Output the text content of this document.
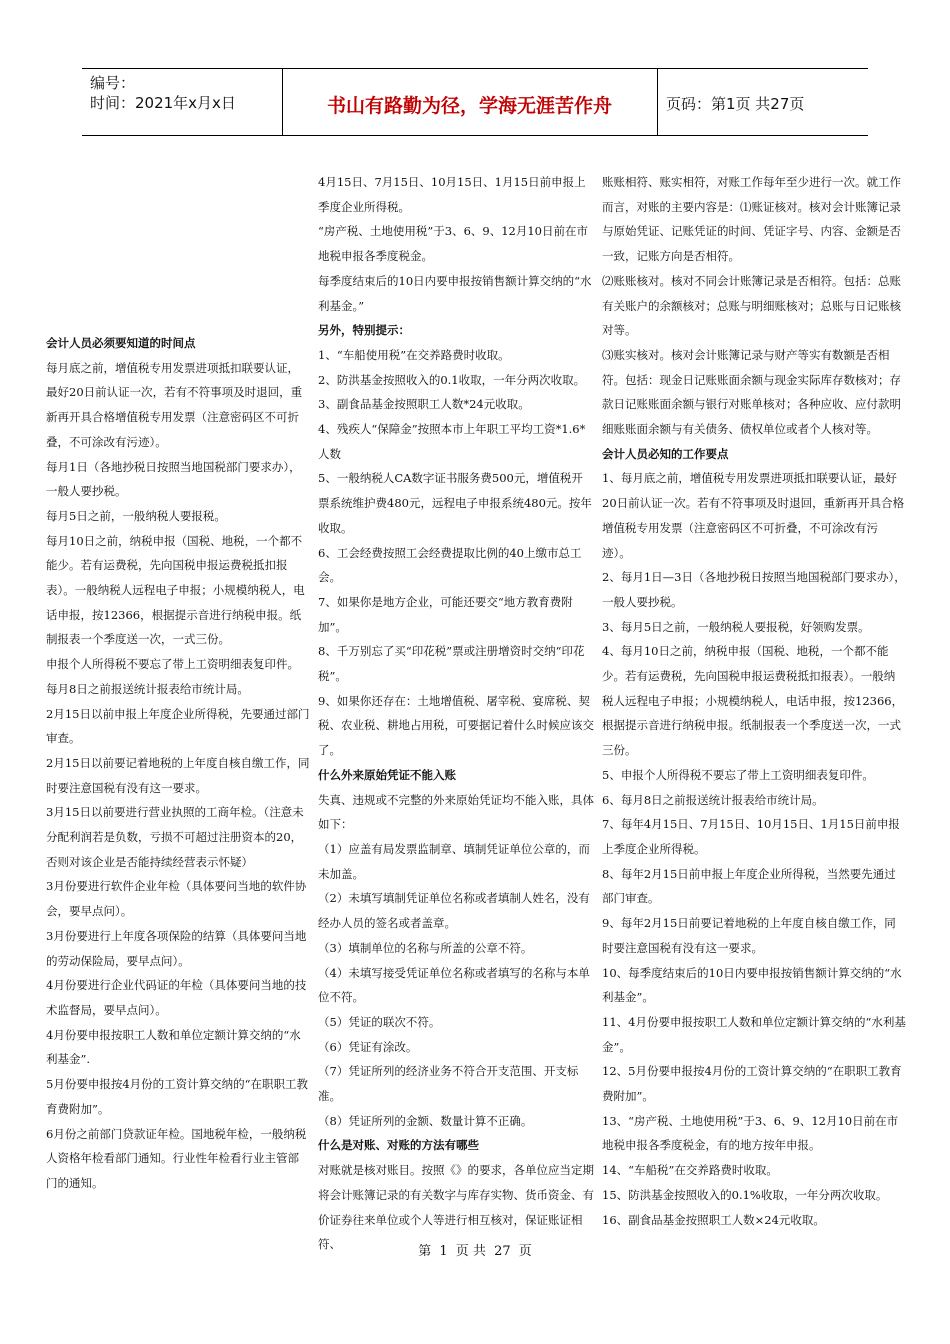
编号：
时间：2021年x月x日	书山有路勤为径，学海无涯苦作舟	页码：第1页 共27页

会计人员必须要知道的时间点

每月底之前，增值税专用发票进项抵扣联要认证，最好20日前认证一次，若有不符事项及时退回，重新再开具合格增值税专用发票（注意密码区不可折叠，不可涂改有污迹）。

每月1日（各地抄税日按照当地国税部门要求办），一般人要抄税。

每月5日之前，一般纳税人要报税。

每月10日之前，纳税申报（国税、地税，一个都不能少。若有运费税，先向国税申报运费税抵扣报表）。一般纳税人远程电子申报；小规模纳税人，电话申报，按12366，根据提示音进行纳税申报。纸制报表一个季度送一次，一式三份。

申报个人所得税不要忘了带上工资明细表复印件。

每月8日之前报送统计报表给市统计局。

2月15日以前申报上年度企业所得税，先要通过部门审查。

2月15日以前要记着地税的上年度自核自缴工作，同时要注意国税有没有这一要求。

3月15日以前要进行营业执照的工商年检。（注意未分配利润若是负数，亏损不可超过注册资本的20，否则对该企业是否能持续经营表示怀疑）

3月份要进行软件企业年检（具体要问当地的软件协会，要早点问）。

3月份要进行上年度各项保险的结算（具体要问当地的劳动保险局，要早点问）。

4月份要进行企业代码证的年检（具体要问当地的技术监督局，要早点问）。

4月份要申报按职工人数和单位定额计算交纳的“水利基金”.

5月份要申报按4月份的工资计算交纳的“在职职工教育费附加”。

6月份之前部门贷款证年检。国地税年检，一般纳税人资格年检看部门通知。行业性年检看行业主管部门的通知。

4月15日、7月15日、10月15日、1月15日前申报上季度企业所得税。

“房产税、土地使用税”于3、6、9、12月10日前在市地税申报各季度税金。

每季度结束后的10日内要申报按销售额计算交纳的“水利基金。”

另外，特别提示：

1、“车船使用税”在交养路费时收取。

2、防洪基金按照收入的0.1收取，一年分两次收取。

3、副食品基金按照职工人数*24元收取。

4、残疾人“保障金”按照本市上年职工平均工资*1.6*人数

5、一般纳税人CA数字证书服务费500元，增值税开票系统维护费480元，远程电子申报系统480元。按年收取。

6、工会经费按照工会经费提取比例的40上缴市总工会。

7、如果你是地方企业，可能还要交“地方教育费附加”。

8、千万别忘了买“印花税”票或注册增资时交纳“印花税”。

9、如果你还存在：土地增值税、屠宰税、宴席税、契税、农业税、耕地占用税，可要据记着什么时候应该交了。

什么外来原始凭证不能入账

失真、违规或不完整的外来原始凭证均不能入账，具体如下：

（1）应盖有局发票监制章、填制凭证单位公章的，而未加盖。

（2）未填写填制凭证单位名称或者填制人姓名，没有经办人员的签名或者盖章。

（3）填制单位的名称与所盖的公章不符。

（4）未填写接受凭证单位名称或者填写的名称与本单位不符。

（5）凭证的联次不符。

（6）凭证有涂改。

（7）凭证所列的经济业务不符合开支范围、开支标准。

（8）凭证所列的金额、数量计算不正确。

什么是对账、对账的方法有哪些

对账就是核对账目。按照《》的要求，各单位应当定期将会计账簿记录的有关数字与库存实物、货币资金、有价证券往来单位或个人等进行相互核对，保证账证相符、

账账相符、账实相符，对账工作每年至少进行一次。就工作而言，对账的主要内容是：⑴账证核对。核对会计账簿记录与原始凭证、记账凭证的时间、凭证字号、内容、金额是否一致，记账方向是否相符。

⑵账账核对。核对不同会计账簿记录是否相符。包括：总账有关账户的余额核对；总账与明细账核对；总账与日记账核对等。

⑶账实核对。核对会计账簿记录与财产等实有数额是否相符。包括：现金日记账账面余额与现金实际库存数核对；存款日记账账面余额与银行对账单核对；各种应收、应付款明细账账面余额与有关债务、债权单位或者个人核对等。

会计人员必知的工作要点

1、每月底之前，增值税专用发票进项抵扣联要认证，最好20日前认证一次。若有不符事项及时退回，重新再开具合格增值税专用发票（注意密码区不可折叠，不可涂改有污迹）。

2、每月1日—3日（各地抄税日按照当地国税部门要求办），一般人要抄税。

3、每月5日之前，一般纳税人要报税，好领购发票。

4、每月10日之前，纳税申报（国税、地税，一个都不能少。若有运费税，先向国税申报运费税抵扣报表）。一般纳税人远程电子申报；小规模纳税人，电话申报，按12366，根据提示音进行纳税申报。纸制报表一个季度送一次，一式三份。

5、申报个人所得税不要忘了带上工资明细表复印件。

6、每月8日之前报送统计报表给市统计局。

7、每年4月15日、7月15日、10月15日、1月15日前申报上季度企业所得税。

8、每年2月15日前申报上年度企业所得税，当然要先通过部门审查。

9、每年2月15日前要记着地税的上年度自核自缴工作，同时要注意国税有没有这一要求。

10、每季度结束后的10日内要申报按销售额计算交纳的“水利基金”。

11、4月份要申报按职工人数和单位定额计算交纳的“水利基金”。

12、5月份要申报按4月份的工资计算交纳的“在职职工教育费附加”。

13、“房产税、土地使用税”于3、6、9、12月10日前在市地税申报各季度税金，有的地方按年申报。

14、“车船税”在交养路费时收取。

15、防洪基金按照收入的0.1%收取，一年分两次收取。

16、副食品基金按照职工人数×24元收取。

第 1 页 共 27 页
